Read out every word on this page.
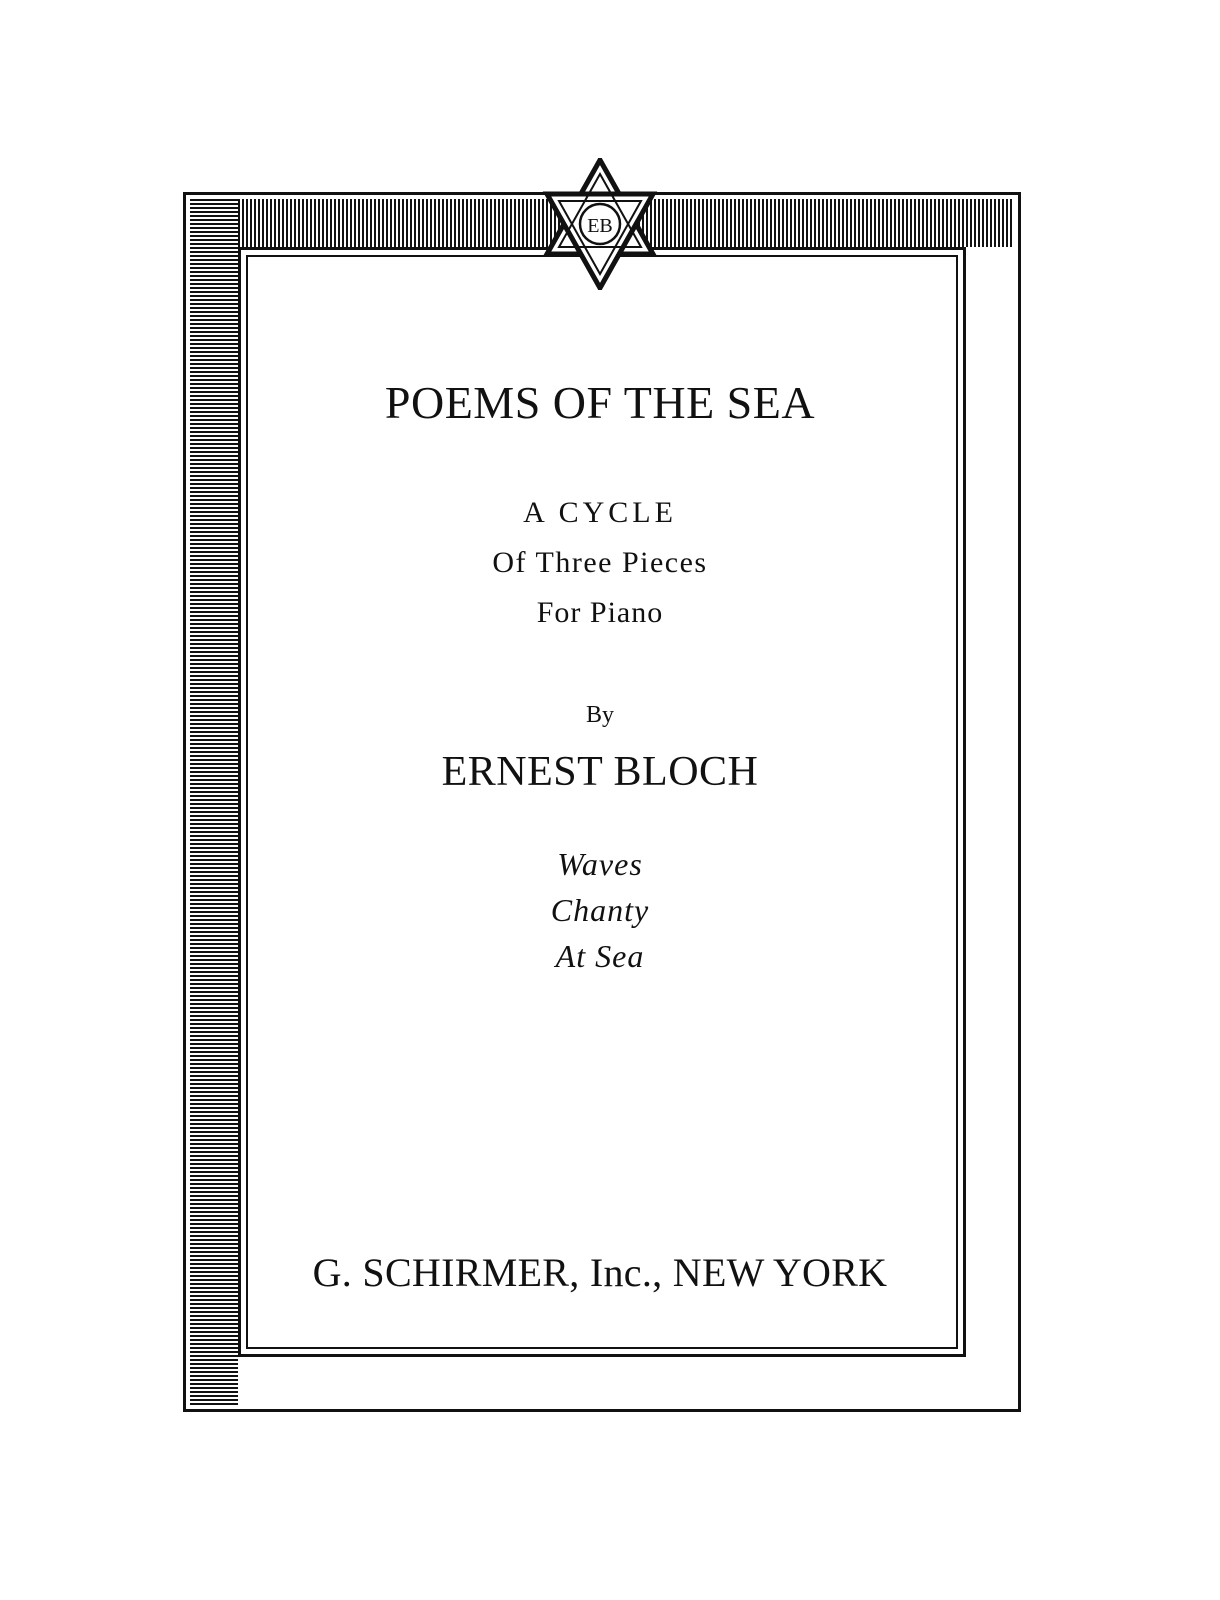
EB
POEMS OF THE SEA
A CYCLE
Of Three Pieces
For Piano
By
ERNEST BLOCH
Waves
Chanty
At Sea
G. SCHIRMER, Inc., NEW YORK
